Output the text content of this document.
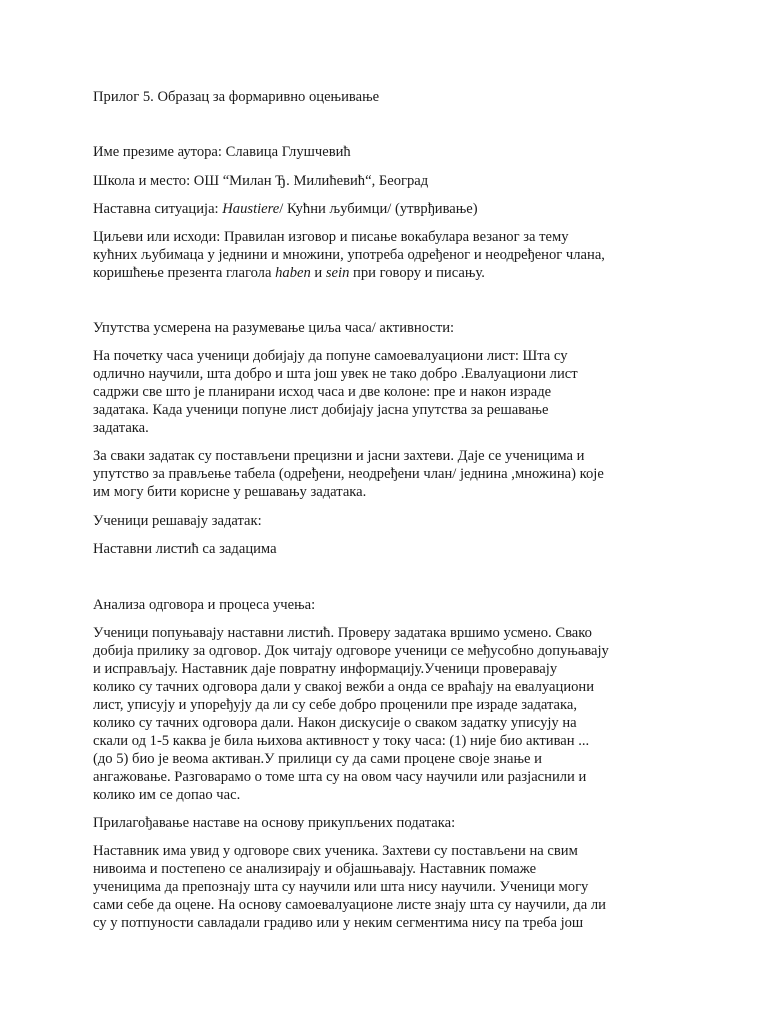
Прилог 5. Образац за формаривно оцењивање
Име презиме аутора: Славица Глушчевић
Школа и место: ОШ “Милан Ђ. Милићевић“, Београд
Наставна ситуација: Haustiere/ Кућни љубимци/ (утврђивање)
Циљеви или исходи: Правилан изговор и писање вокабулара везаног за тему
кућних љубимаца у једнини и множини, употреба одређеног и неодређеног члана,
коришћење презента глагола haben и sein при говору и писању.
Упутства усмерена на разумевање циља часа/ активности:
На почетку часа ученици добијају да попуне самоевалуациони лист: Шта су
одлично научили, шта добро и шта још увек не тако добро .Евалуациони лист
садржи све што је планирани исход часа и две колоне: пре и након израде
задатака. Када ученици попуне лист добијају јасна упутства за решавање
задатака.
За сваки задатак су постављени прецизни и јасни захтеви. Даје се ученицима и
упутство за прављење табела (одређени, неодређени члан/ једнина ,множина) које
им могу бити корисне у решавању задатака.
Ученици решавају задатак:
Наставни листић са задацима
Анализа одговора и процеса учења:
Ученици попуњавају наставни листић. Проверу задатака вршимо усмено. Свако
добија прилику за одговор. Док читају одговоре ученици се међусобно допуњавају
и исправљају. Наставник даје повратну информацију.Ученици проверавају
колико су тачних одговора дали у свакој вежби а онда се враћају на евалуациони
лист, уписују и упоређују да ли су себе добро проценили пре израде задатака,
колико су тачних одговора дали. Након дискусије о сваком задатку уписују на
скали од 1-5 каква је била њихова активност у току часа: (1) није био активан ...
(до 5) био је веома активан.У прилици су да сами процене своје знање и
ангажовање. Разговарамо о томе шта су на овом часу научили или разјаснили и
колико им се допао час.
Прилагођавање наставе на основу прикупљених података:
Наставник има увид у одговоре свих ученика. Захтеви су постављени на свим
нивоима и постепено се анализирају и објашњавају. Наставник помаже
ученицима да препознају шта су научили или шта нису научили. Ученици могу
сами себе да оцене. На основу самоевалуационе листе знају шта су научили, да ли
су у потпуности савладали градиво или у неким сегментима нису па треба још
